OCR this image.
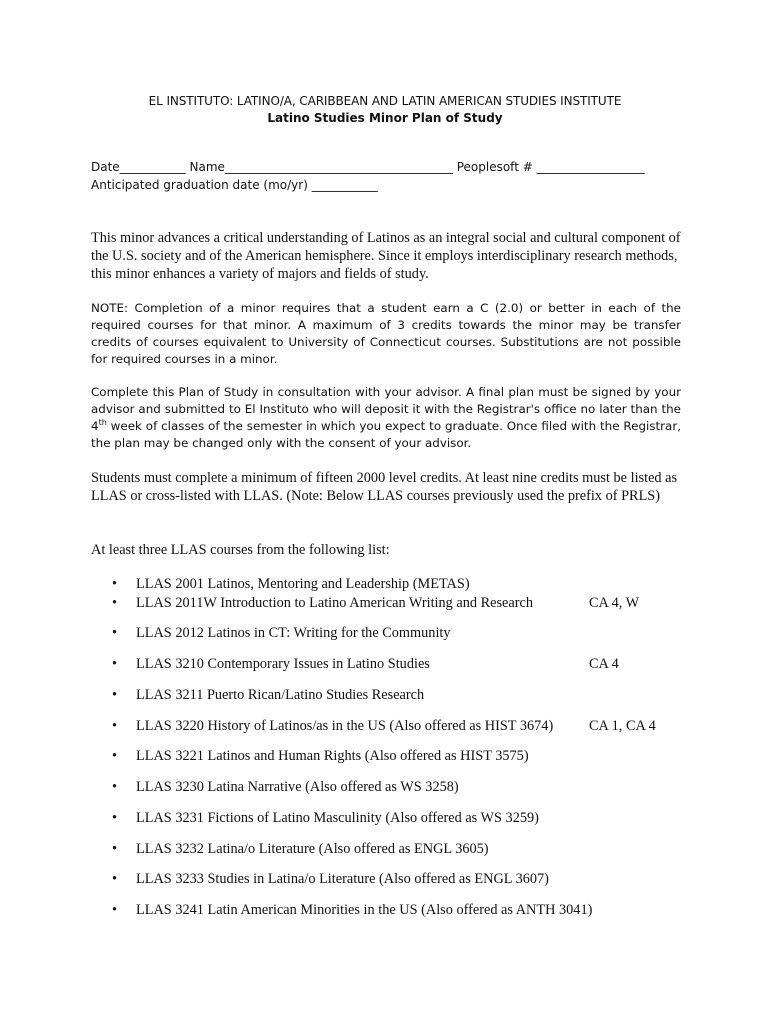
EL INSTITUTO: LATINO/A, CARIBBEAN AND LATIN AMERICAN STUDIES INSTITUTE
Latino Studies Minor Plan of Study
Date___________ Name______________________________________ Peoplesoft # __________________
Anticipated graduation date (mo/yr) ___________
This minor advances a critical understanding of Latinos as an integral social and cultural component of the U.S. society and of the American hemisphere. Since it employs interdisciplinary research methods, this minor enhances a variety of majors and fields of study.
NOTE: Completion of a minor requires that a student earn a C (2.0) or better in each of the required courses for that minor. A maximum of 3 credits towards the minor may be transfer credits of courses equivalent to University of Connecticut courses. Substitutions are not possible for required courses in a minor.
Complete this Plan of Study in consultation with your advisor. A final plan must be signed by your advisor and submitted to El Instituto who will deposit it with the Registrar's office no later than the 4th week of classes of the semester in which you expect to graduate. Once filed with the Registrar, the plan may be changed only with the consent of your advisor.
Students must complete a minimum of fifteen 2000 level credits. At least nine credits must be listed as LLAS or cross-listed with LLAS. (Note: Below LLAS courses previously used the prefix of PRLS)
At least three LLAS courses from the following list:
•	LLAS 2001 Latinos, Mentoring and Leadership (METAS)
•	LLAS 2011W Introduction to Latino American Writing and Research	CA 4, W
•	LLAS 2012 Latinos in CT: Writing for the Community
•	LLAS 3210 Contemporary Issues in Latino Studies	CA 4
•	LLAS 3211 Puerto Rican/Latino Studies Research
•	LLAS 3220 History of Latinos/as in the US (Also offered as HIST 3674)	CA 1, CA 4
•	LLAS 3221 Latinos and Human Rights (Also offered as HIST 3575)
•	LLAS 3230 Latina Narrative (Also offered as WS 3258)
•	LLAS 3231 Fictions of Latino Masculinity (Also offered as WS 3259)
•	LLAS 3232 Latina/o Literature (Also offered as ENGL 3605)
•	LLAS 3233 Studies in Latina/o Literature (Also offered as ENGL 3607)
•	LLAS 3241 Latin American Minorities in the US (Also offered as ANTH 3041)
